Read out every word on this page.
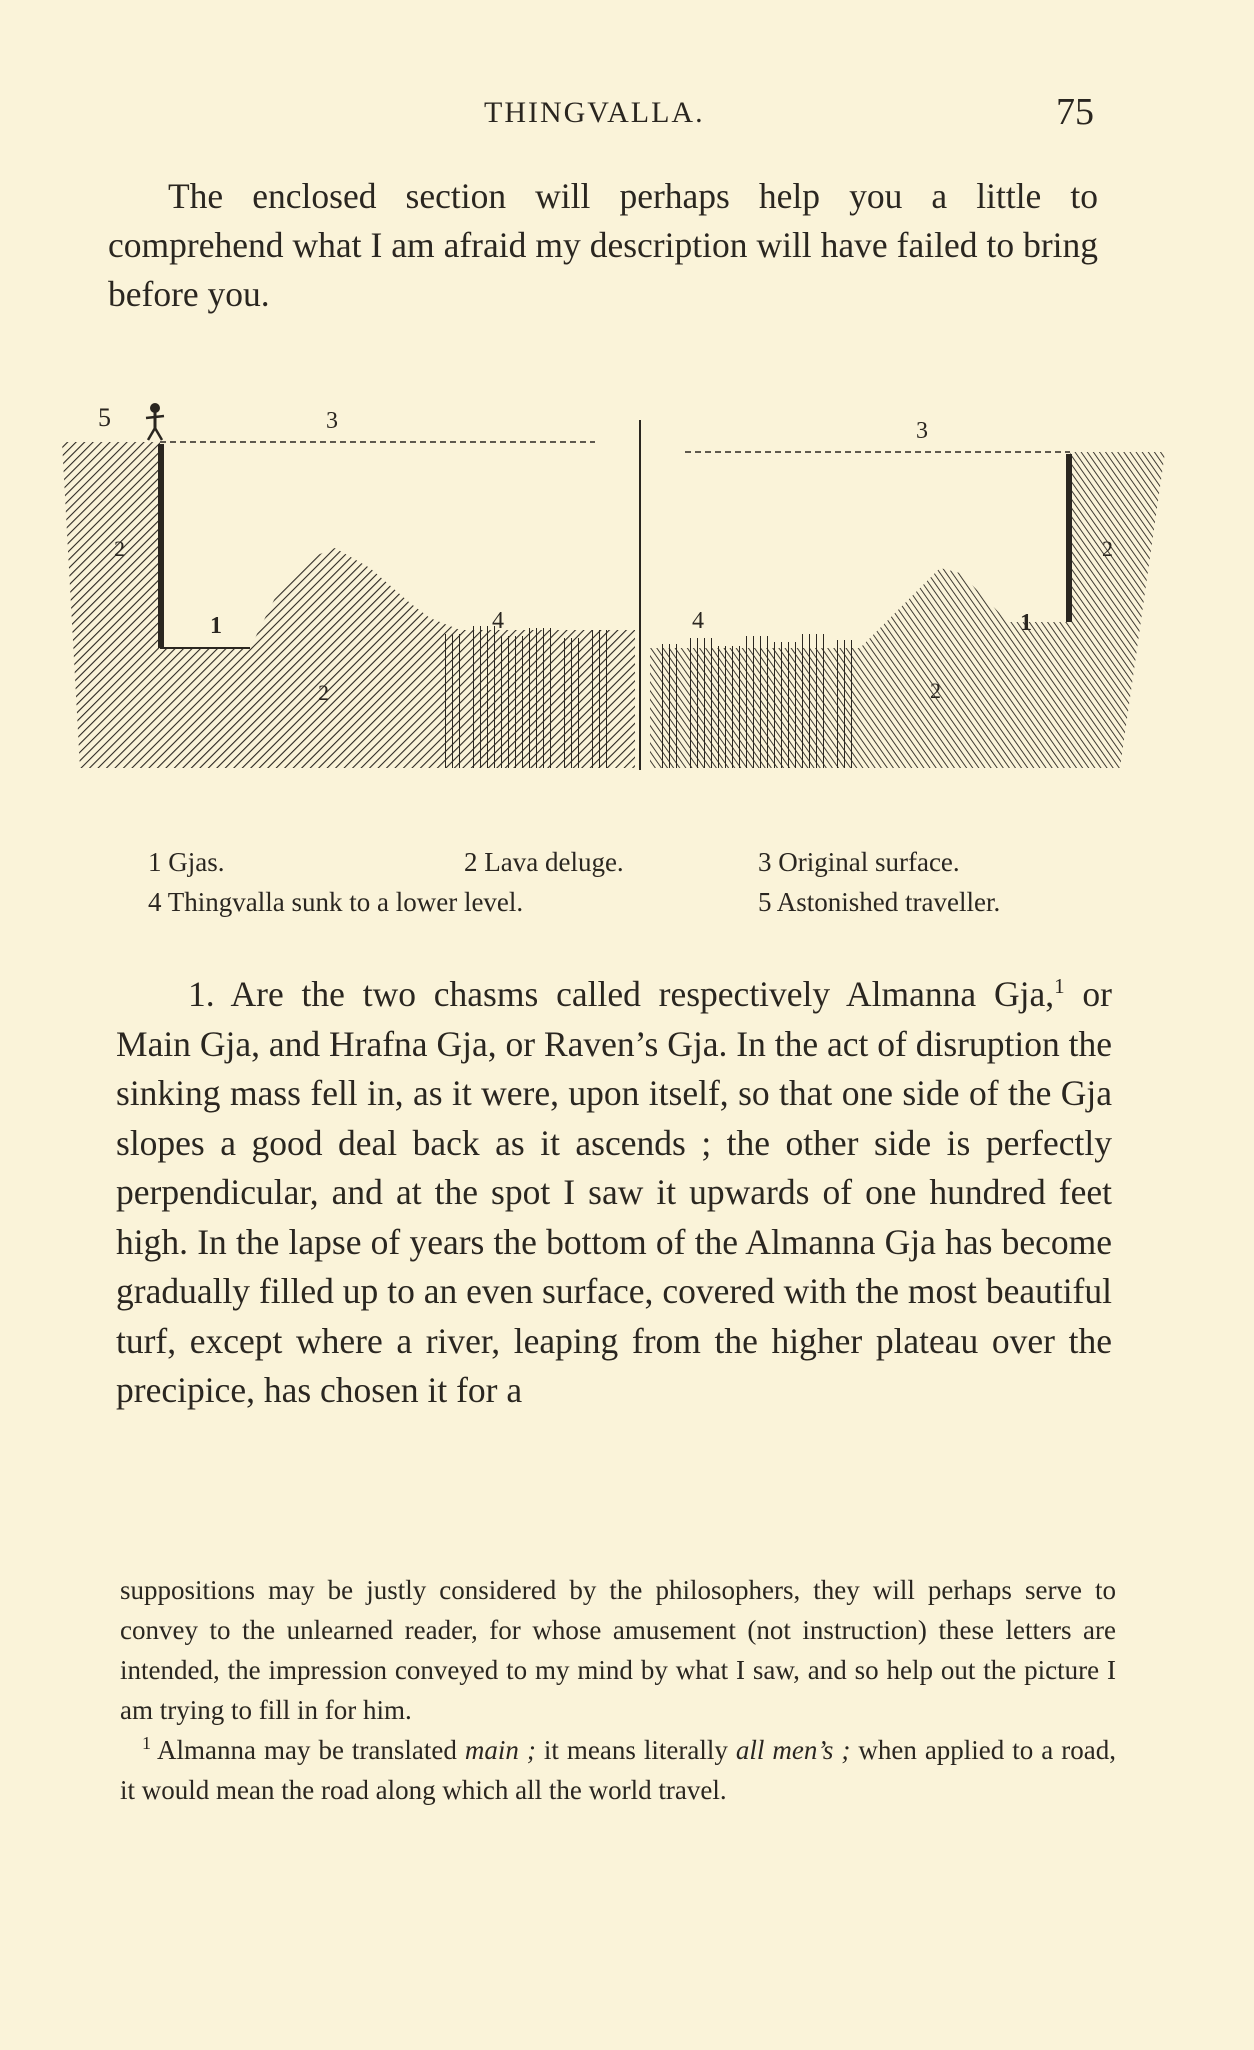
THINGVALLA.	75

The enclosed section will perhaps help you a little to comprehend what I am afraid my description will have failed to bring before you.

5	3
2
1	4
2
3
2
1
4
2
1 Gjas.	2 Lava deluge.	3 Original surface.
4 Thingvalla sunk to a lower level.	5 Astonished traveller.

1. Are the two chasms called respectively Almanna Gja,$^1$ or Main Gja, and Hrafna Gja, or Raven’s Gja. In the act of disruption the sinking mass fell in, as it were, upon itself, so that one side of the Gja slopes a good deal back as it ascends ; the other side is perfectly perpendicular, and at the spot I saw it upwards of one hundred feet high. In the lapse of years the bottom of the Almanna Gja has become gradually filled up to an even surface, covered with the most beautiful turf, except where a river, leaping from the higher plateau over the precipice, has chosen it for a

suppositions may be justly considered by the philosophers, they will perhaps serve to convey to the unlearned reader, for whose amusement (not instruction) these letters are intended, the impression conveyed to my mind by what I saw, and so help out the picture I am trying to fill in for him.

$^1$ Almanna may be translated main ; it means literally all men’s ; when applied to a road, it would mean the road along which all the world travel.
